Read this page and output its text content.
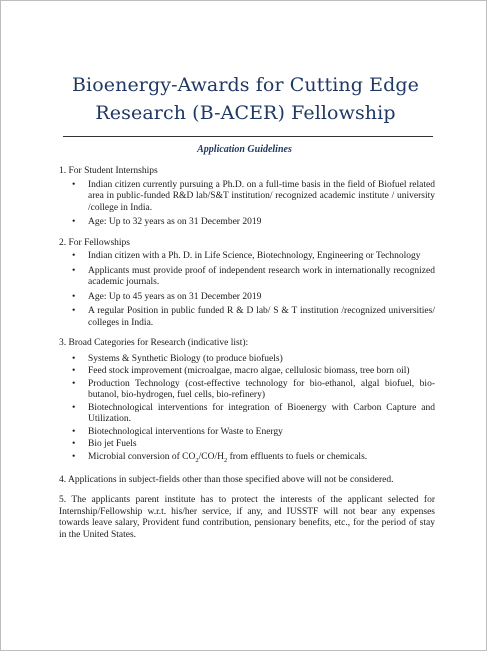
Bioenergy-Awards for Cutting Edge
Research (B-ACER) Fellowship
Application Guidelines

1. For Student Internships

• Indian citizen currently pursuing a Ph.D. on a full-time basis in the field of Biofuel related area in public-funded R&D lab/S&T institution/ recognized academic institute / university /college in India.
• Age: Up to 32 years as on 31 December 2019

2. For Fellowships

• Indian citizen with a Ph. D. in Life Science, Biotechnology, Engineering or Technology
• Applicants must provide proof of independent research work in internationally recognized academic journals.
• Age: Up to 45 years as on 31 December 2019
• A regular Position in public funded R & D lab/ S & T institution /recognized universities/ colleges in India.

3. Broad Categories for Research (indicative list):

• Systems & Synthetic Biology (to produce biofuels)
• Feed stock improvement (microalgae, macro algae, cellulosic biomass, tree born oil)
• Production Technology (cost-effective technology for bio-ethanol, algal biofuel, bio-butanol, bio-hydrogen, fuel cells, bio-refinery)
• Biotechnological interventions for integration of Bioenergy with Carbon Capture and Utilization.
• Biotechnological interventions for Waste to Energy
• Bio jet Fuels
• Microbial conversion of $CO_2/CO/H_2$ from effluents to fuels or chemicals.

4. Applications in subject-fields other than those specified above will not be considered.

5. The applicants parent institute has to protect the interests of the applicant selected for Internship/Fellowship w.r.t. his/her service, if any, and IUSSTF will not bear any expenses towards leave salary, Provident fund contribution, pensionary benefits, etc., for the period of stay in the United States.
